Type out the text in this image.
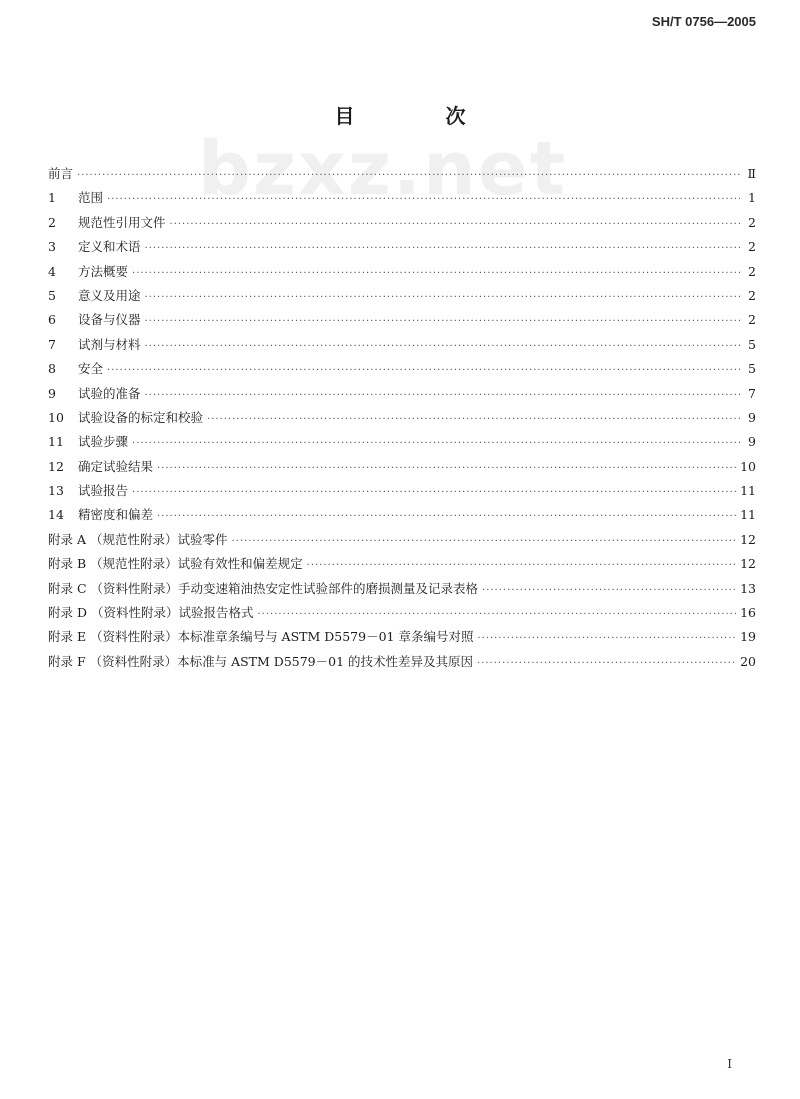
SH/T 0756—2005
bzxz.net
目 次
前言 ·····	Ⅱ
1	范围 ·····	1
2	规范性引用文件 ·····	2
3	定义和术语 ·····	2
4	方法概要 ·····	2
5	意义及用途 ·····	2
6	设备与仪器 ·····	2
7	试剂与材料 ·····	5
8	安全 ·····	5
9	试验的准备 ·····	7
10	试验设备的标定和校验 ·····	9
11	试验步骤 ·····	9
12	确定试验结果 ·····	10
13	试验报告 ·····	11
14	精密度和偏差 ·····	11
附录 A （规范性附录）试验零件 ·····	12
附录 B （规范性附录）试验有效性和偏差规定 ·····	12
附录 C （资料性附录）手动变速箱油热安定性试验部件的磨损测量及记录表格 ·····	13
附录 D （资料性附录）试验报告格式 ·····	16
附录 E （资料性附录）本标准章条编号与 ASTM D5579－01 章条编号对照 ·····	19
附录 F （资料性附录）本标准与 ASTM D5579－01 的技术性差异及其原因 ·····	20
I
